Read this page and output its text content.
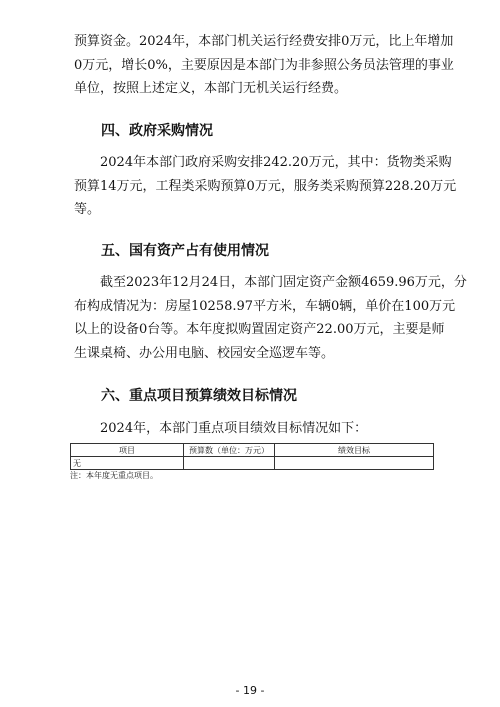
预算资金。2024年，本部门机关运行经费安排0万元，比上年增加
0万元，增长0%，主要原因是本部门为非参照公务员法管理的事业
单位，按照上述定义，本部门无机关运行经费。
四、政府采购情况
2024年本部门政府采购安排242.20万元，其中：货物类采购
预算14万元，工程类采购预算0万元，服务类采购预算228.20万元
等。
五、国有资产占有使用情况
截至2023年12月24日，本部门固定资产金额4659.96万元，分
布构成情况为：房屋10258.97平方米，车辆0辆，单价在100万元
以上的设备0台等。本年度拟购置固定资产22.00万元，主要是师
生课桌椅、办公用电脑、校园安全巡逻车等。
六、重点项目预算绩效目标情况
2024年，本部门重点项目绩效目标情况如下：
项目	预算数（单位：万元）	绩效目标
无		

注：本年度无重点项目。

- 19 -
